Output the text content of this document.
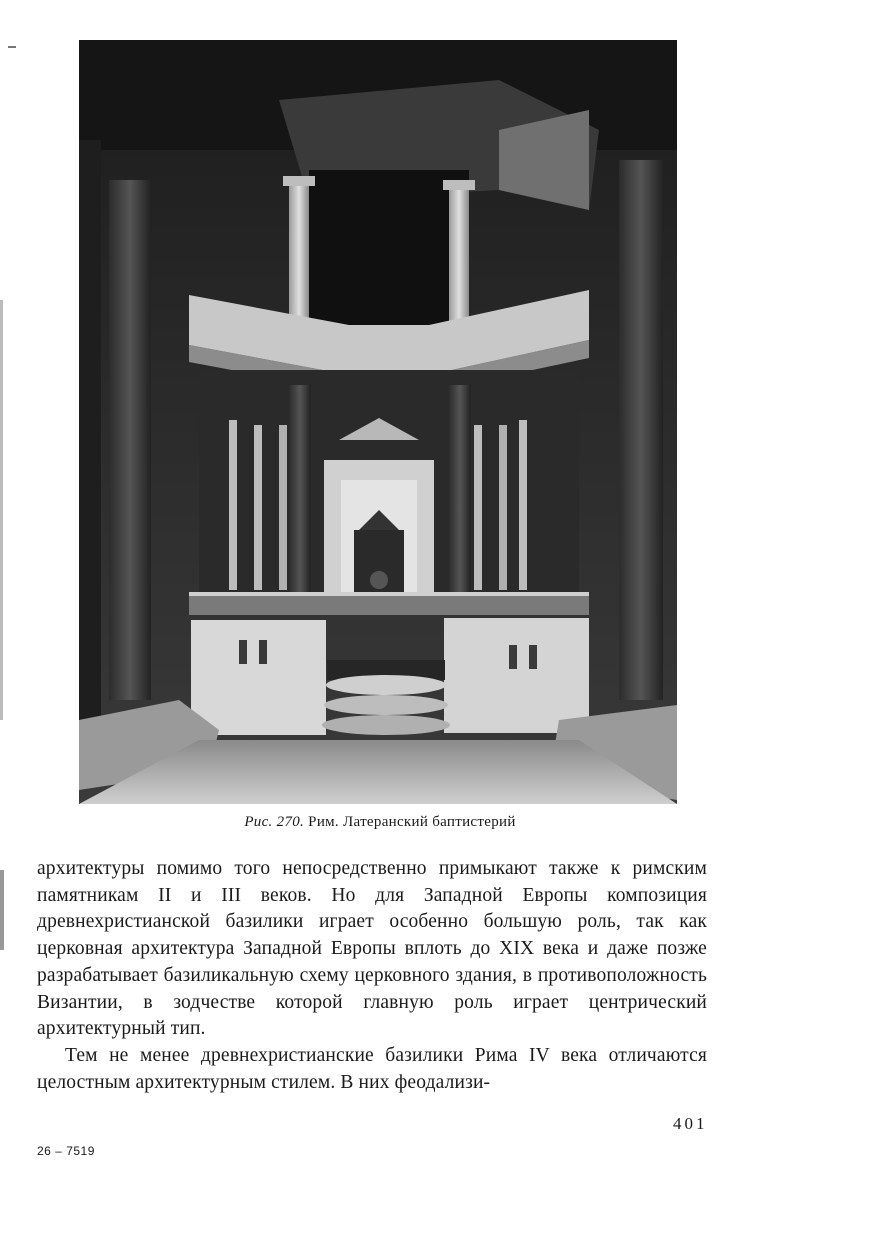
Рис. 270. Рим. Латеранский баптистерий

архитектуры помимо того непосредственно примыкают также к римским памятникам II и III веков. Но для Западной Европы композиция древнехристианской базилики играет особенно большую роль, так как церковная архитектура Западной Европы вплоть до XIX века и даже позже разрабатывает базиликальную схему церковного здания, в противоположность Византии, в зодчестве которой главную роль играет центрический архитектурный тип.

Тем не менее древнехристианские базилики Рима IV века отличаются целостным архитектурным стилем. В них феодализи-

401
26 – 7519
